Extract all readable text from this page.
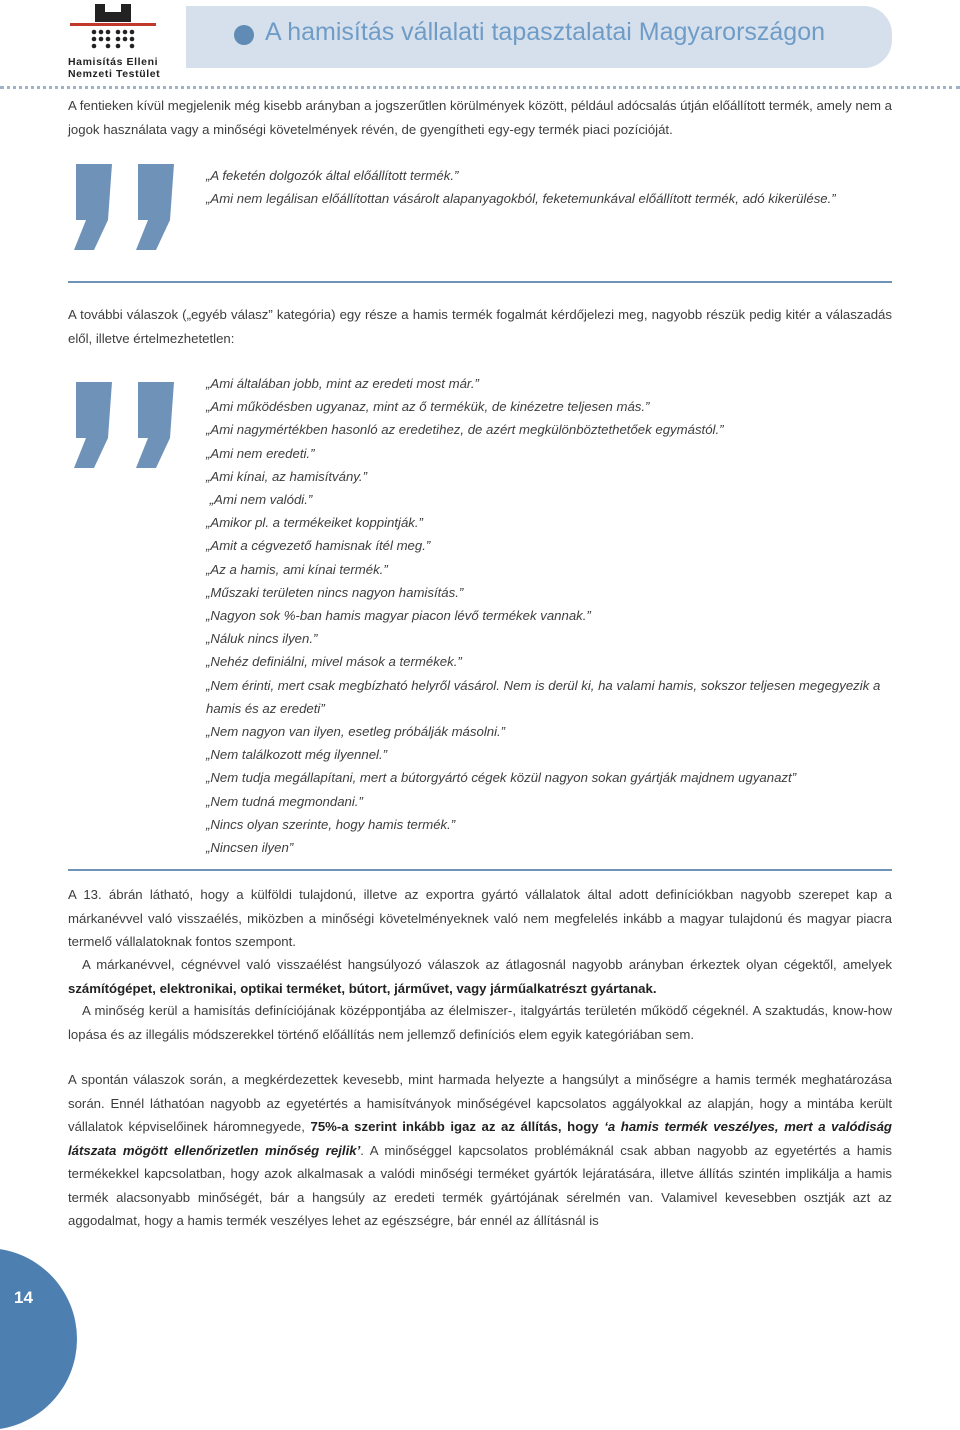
Hamisítás Elleni
Nemzeti Testület
A hamisítás vállalati tapasztalatai Magyarországon
A fentieken kívül megjelenik még kisebb arányban a jogszerűtlen körülmények között, például adócsalás útján előállított termék, amely nem a jogok használata vagy a minőségi követelmények révén, de gyengítheti egy-egy termék piaci pozícióját.
„A feketén dolgozók által előállított termék.”
„Ami nem legálisan előállítottan vásárolt alapanyagokból, feketemunkával előállított termék, adó kikerülése.”
A további válaszok („egyéb válasz” kategória) egy része a hamis termék fogalmát kérdőjelezi meg, nagyobb részük pedig kitér a válaszadás elől, illetve értelmezhetetlen:
„Ami általában jobb, mint az eredeti most már.”
„Ami működésben ugyanaz, mint az ő termékük, de kinézetre teljesen más.”
„Ami nagymértékben hasonló az eredetihez, de azért megkülönböztethetőek egymástól.”
„Ami nem eredeti.”
„Ami kínai, az hamisítvány.”
„Ami nem valódi.”
„Amikor pl. a termékeiket koppintják.”
„Amit a cégvezető hamisnak ítél meg.”
„Az a hamis, ami kínai termék.”
„Műszaki területen nincs nagyon hamisítás.”
„Nagyon sok %-ban hamis magyar piacon lévő termékek vannak.”
„Náluk nincs ilyen.”
„Nehéz definiálni, mivel mások a termékek.”
„Nem érinti, mert csak megbízható helyről vásárol. Nem is derül ki, ha valami hamis, sokszor teljesen megegyezik a hamis és az eredeti”
„Nem nagyon van ilyen, esetleg próbálják másolni.”
„Nem találkozott még ilyennel.”
„Nem tudja megállapítani, mert a bútorgyártó cégek közül nagyon sokan gyártják majdnem ugyanazt”
„Nem tudná megmondani.”
„Nincs olyan szerinte, hogy hamis termék.”
„Nincsen ilyen”
A 13. ábrán látható, hogy a külföldi tulajdonú, illetve az exportra gyártó vállalatok által adott definíciókban nagyobb szerepet kap a márkanévvel való visszaélés, miközben a minőségi követelményeknek való nem megfelelés inkább a magyar tulajdonú és magyar piacra termelő vállalatoknak fontos szempont.
A márkanévvel, cégnévvel való visszaélést hangsúlyozó válaszok az átlagosnál nagyobb arányban érkeztek olyan cégektől, amelyek számítógépet, elektronikai, optikai terméket, bútort, járművet, vagy járműalkatrészt gyártanak.
A minőség kerül a hamisítás definíciójának középpontjába az élelmiszer-, italgyártás területén működő cégeknél. A szaktudás, know-how lopása és az illegális módszerekkel történő előállítás nem jellemző definíciós elem egyik kategóriában sem.
A spontán válaszok során, a megkérdezettek kevesebb, mint harmada helyezte a hangsúlyt a minőségre a hamis termék meghatározása során. Ennél láthatóan nagyobb az egyetértés a hamisítványok minőségével kapcsolatos aggályokkal az alapján, hogy a mintába került vállalatok képviselőinek háromnegyede, 75%-a szerint inkább igaz az az állítás, hogy ‘a hamis termék veszélyes, mert a valódiság látszata mögött ellenőrizetlen minőség rejlik’. A minőséggel kapcsolatos problémáknál csak abban nagyobb az egyetértés a hamis termékekkel kapcsolatban, hogy azok alkalmasak a valódi minőségi terméket gyártók lejáratására, illetve állítás szintén implikálja a hamis termék alacsonyabb minőségét, bár a hangsúly az eredeti termék gyártójának sérelmén van. Valamivel kevesebben osztják azt az aggodalmat, hogy a hamis termék veszélyes lehet az egészségre, bár ennél az állításnál is
14
